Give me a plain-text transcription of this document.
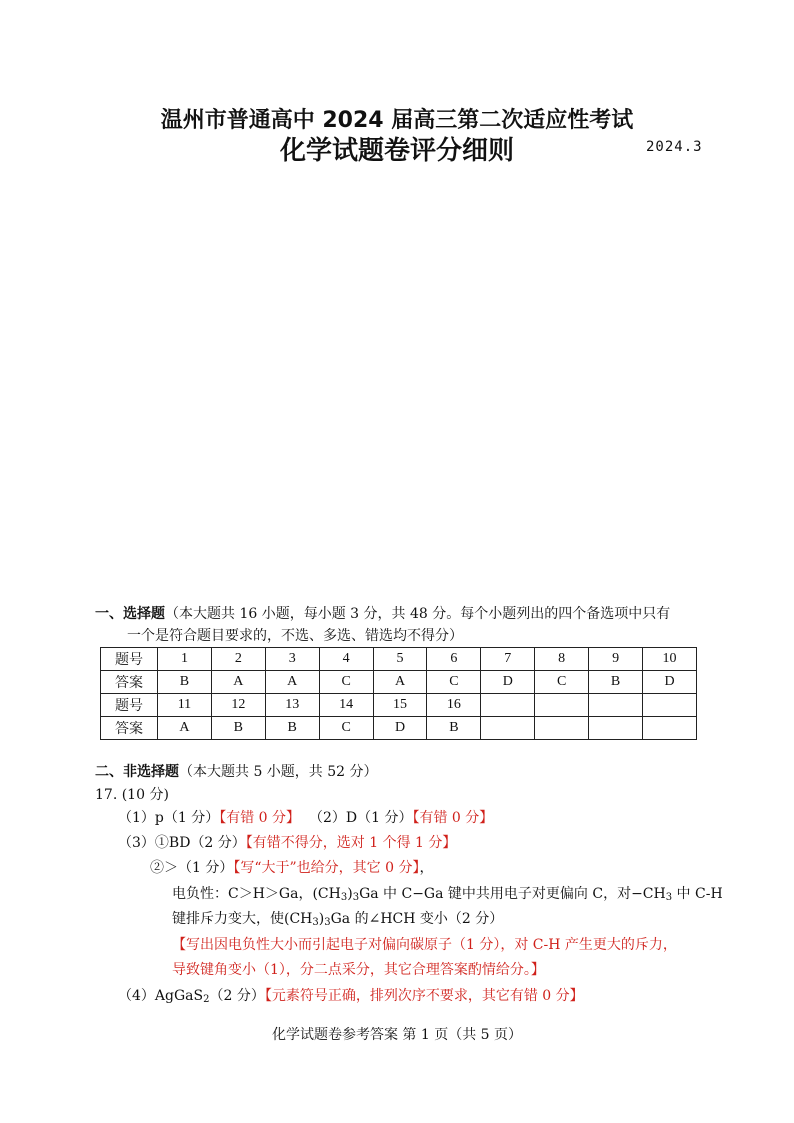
温州市普通高中 2024 届高三第二次适应性考试
化学试题卷评分细则	2024.3
一、选择题（本大题共 16 小题，每小题 3 分，共 48 分。每个小题列出的四个备选项中只有
一个是符合题目要求的，不选、多选、错选均不得分）
题号	1	2	3	4	5	6	7	8	9	10
答案	B	A	A	C	A	C	D	C	B	D
题号	11	12	13	14	15	16				
答案	A	B	B	C	D	B				
二、非选择题（本大题共 5 小题，共 52 分）
17. (10 分)
（1）p（1 分）【有错 0 分】 （2）D（1 分）【有错 0 分】
（3）①BD（2 分）【有错不得分，选对 1 个得 1 分】
②＞（1 分）【写“大于”也给分，其它 0 分】，
电负性：C＞H＞Ga，$(CH_3)_3Ga$ 中 C−Ga 键中共用电子对更偏向 C，对$-CH_3$ 中 C-H
键排斥力变大，使$(CH_3)_3Ga$ 的∠HCH 变小（2 分）
【写出因电负性大小而引起电子对偏向碳原子（1 分），对 C-H 产生更大的斥力，
导致键角变小（1），分二点采分，其它合理答案酌情给分。】
（4）AgGaS$_2$（2 分）【元素符号正确，排列次序不要求，其它有错 0 分】
化学试题卷参考答案 第 1 页（共 5 页）
